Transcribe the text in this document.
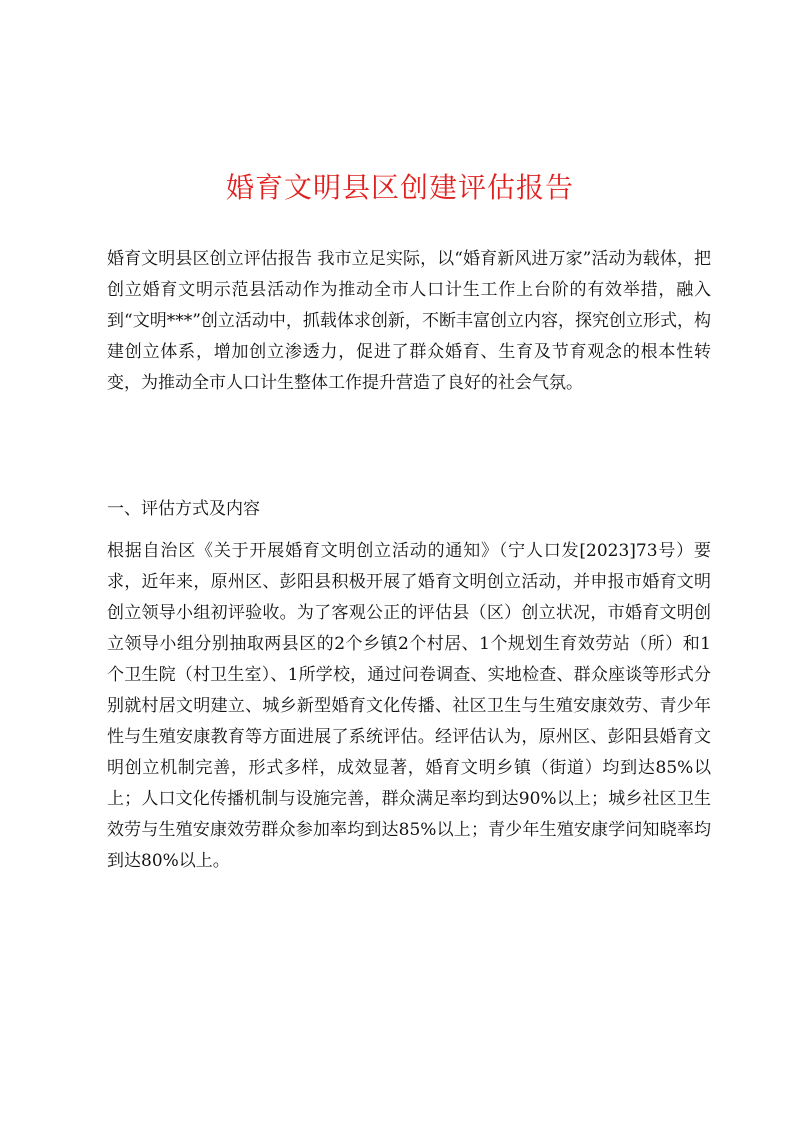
婚育文明县区创建评估报告

婚育文明县区创立评估报告 我市立足实际，以“婚育新风进万家”活动为载体，把创立婚育文明示范县活动作为推动全市人口计生工作上台阶的有效举措，融入到“文明***”创立活动中，抓载体求创新，不断丰富创立内容，探究创立形式，构建创立体系，增加创立渗透力，促进了群众婚育、生育及节育观念的根本性转变，为推动全市人口计生整体工作提升营造了良好的社会气氛。

一、评估方式及内容

根据自治区《关于开展婚育文明创立活动的通知》（宁人口发[2023]73号）要求，近年来，原州区、彭阳县积极开展了婚育文明创立活动，并申报市婚育文明创立领导小组初评验收。为了客观公正的评估县（区）创立状况，市婚育文明创立领导小组分别抽取两县区的2个乡镇2个村居、1个规划生育效劳站（所）和1个卫生院（村卫生室）、1所学校，通过问卷调查、实地检查、群众座谈等形式分别就村居文明建立、城乡新型婚育文化传播、社区卫生与生殖安康效劳、青少年性与生殖安康教育等方面进展了系统评估。经评估认为，原州区、彭阳县婚育文明创立机制完善，形式多样，成效显著，婚育文明乡镇（街道）均到达85%以上；人口文化传播机制与设施完善，群众满足率均到达90%以上；城乡社区卫生效劳与生殖安康效劳群众参加率均到达85%以上；青少年生殖安康学问知晓率均到达80%以上。
